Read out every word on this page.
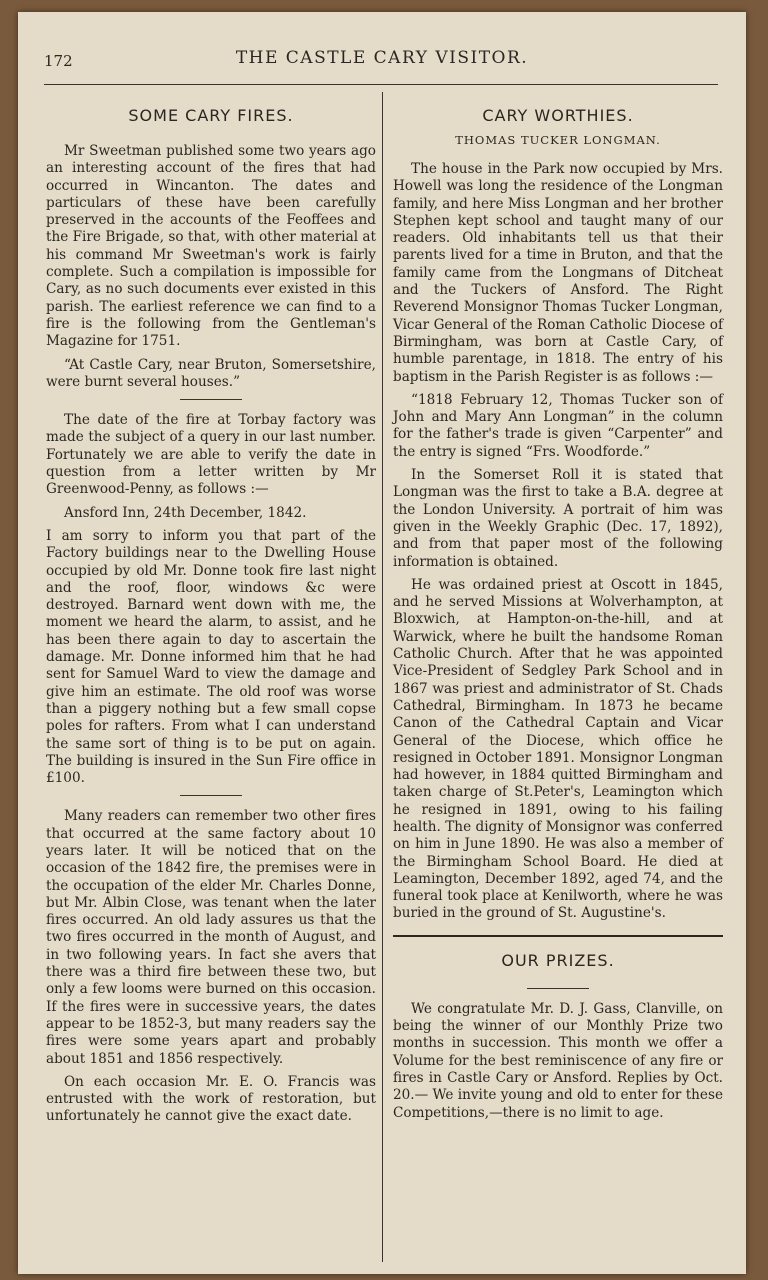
172	THE CASTLE CARY VISITOR.
SOME CARY FIRES.

Mr Sweetman published some two years ago an interesting account of the fires that had occurred in Wincanton. The dates and particulars of these have been carefully preserved in the accounts of the Feoffees and the Fire Brigade, so that, with other material at his command Mr Sweetman's work is fairly complete. Such a compilation is impossible for Cary, as no such documents ever existed in this parish. The earliest reference we can find to a fire is the following from the Gentleman's Magazine for 1751.

“At Castle Cary, near Bruton, Somersetshire, were burnt several houses.”

The date of the fire at Torbay factory was made the subject of a query in our last number. Fortunately we are able to verify the date in question from a letter written by Mr Greenwood-Penny, as follows :—

Ansford Inn, 24th December, 1842.

I am sorry to inform you that part of the Factory buildings near to the Dwelling House occupied by old Mr. Donne took fire last night and the roof, floor, windows &c were destroyed. Barnard went down with me, the moment we heard the alarm, to assist, and he has been there again to day to ascertain the damage. Mr. Donne informed him that he had sent for Samuel Ward to view the damage and give him an estimate. The old roof was worse than a piggery nothing but a few small copse poles for rafters. From what I can understand the same sort of thing is to be put on again. The building is insured in the Sun Fire office in £100.

Many readers can remember two other fires that occurred at the same factory about 10 years later. It will be noticed that on the occasion of the 1842 fire, the premises were in the occupation of the elder Mr. Charles Donne, but Mr. Albin Close, was tenant when the later fires occurred. An old lady assures us that the two fires occurred in the month of August, and in two following years. In fact she avers that there was a third fire between these two, but only a few looms were burned on this occasion. If the fires were in successive years, the dates appear to be 1852-3, but many readers say the fires were some years apart and probably about 1851 and 1856 respectively.

On each occasion Mr. E. O. Francis was entrusted with the work of restoration, but unfortunately he cannot give the exact date.

CARY WORTHIES.
THOMAS TUCKER LONGMAN.

The house in the Park now occupied by Mrs. Howell was long the residence of the Longman family, and here Miss Longman and her brother Stephen kept school and taught many of our readers. Old inhabitants tell us that their parents lived for a time in Bruton, and that the family came from the Longmans of Ditcheat and the Tuckers of Ansford. The Right Reverend Monsignor Thomas Tucker Longman, Vicar General of the Roman Catholic Diocese of Birmingham, was born at Castle Cary, of humble parentage, in 1818. The entry of his baptism in the Parish Register is as follows :—

“1818 February 12, Thomas Tucker son of John and Mary Ann Longman” in the column for the father's trade is given “Carpenter” and the entry is signed “Frs. Woodforde.”

In the Somerset Roll it is stated that Longman was the first to take a B.A. degree at the London University. A portrait of him was given in the Weekly Graphic (Dec. 17, 1892), and from that paper most of the following information is obtained.

He was ordained priest at Oscott in 1845, and he served Missions at Wolverhampton, at Bloxwich, at Hampton-on-the-hill, and at Warwick, where he built the handsome Roman Catholic Church. After that he was appointed Vice-President of Sedgley Park School and in 1867 was priest and administrator of St. Chads Cathedral, Birmingham. In 1873 he became Canon of the Cathedral Captain and Vicar General of the Diocese, which office he resigned in October 1891. Monsignor Longman had however, in 1884 quitted Birmingham and taken charge of St.Peter's, Leamington which he resigned in 1891, owing to his failing health. The dignity of Monsignor was conferred on him in June 1890. He was also a member of the Birmingham School Board. He died at Leamington, December 1892, aged 74, and the funeral took place at Kenilworth, where he was buried in the ground of St. Augustine's.

OUR PRIZES.

We congratulate Mr. D. J. Gass, Clanville, on being the winner of our Monthly Prize two months in succession. This month we offer a Volume for the best reminiscence of any fire or fires in Castle Cary or Ansford. Replies by Oct. 20.— We invite young and old to enter for these Competitions,—there is no limit to age.
